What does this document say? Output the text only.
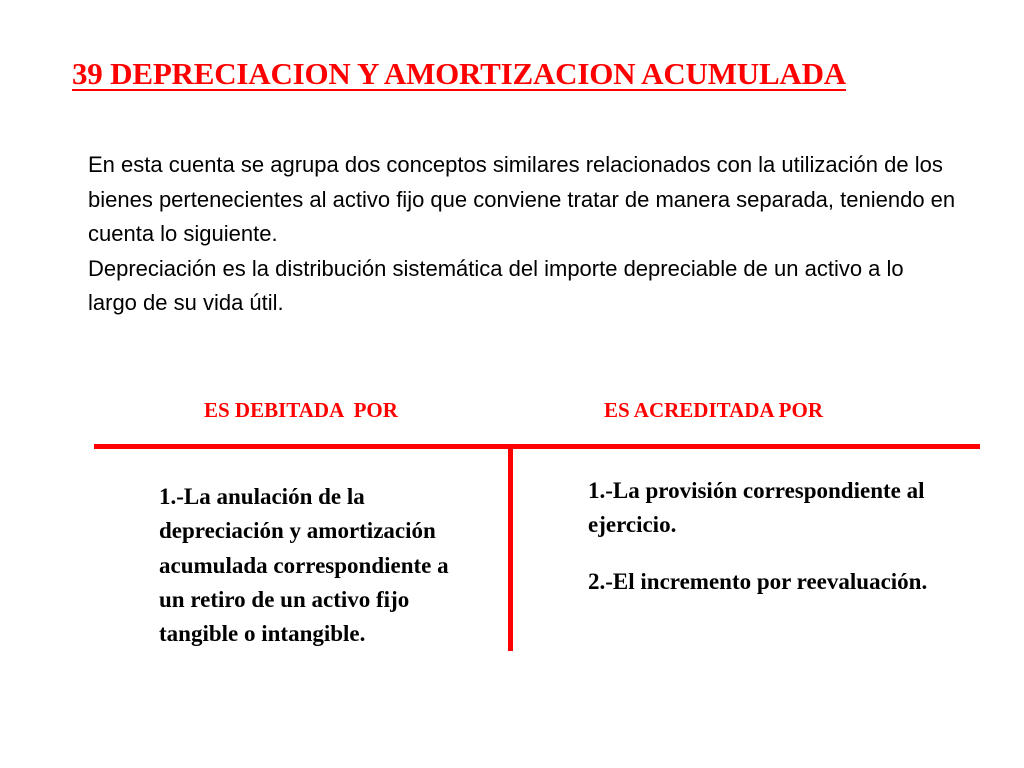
39 DEPRECIACION Y AMORTIZACION ACUMULADA

En esta cuenta se agrupa dos conceptos similares relacionados con la utilización de los bienes pertenecientes al activo fijo que conviene tratar de manera separada, teniendo en cuenta lo siguiente.

Depreciación es la distribución sistemática del importe depreciable de un activo a lo largo de su vida útil.

ES DEBITADA  POR	ES ACREDITADA POR

1.-La anulación de la depreciación y amortización acumulada correspondiente a un retiro de un activo fijo tangible o intangible.

1.-La provisión correspondiente al ejercicio.

2.-El incremento por reevaluación.
